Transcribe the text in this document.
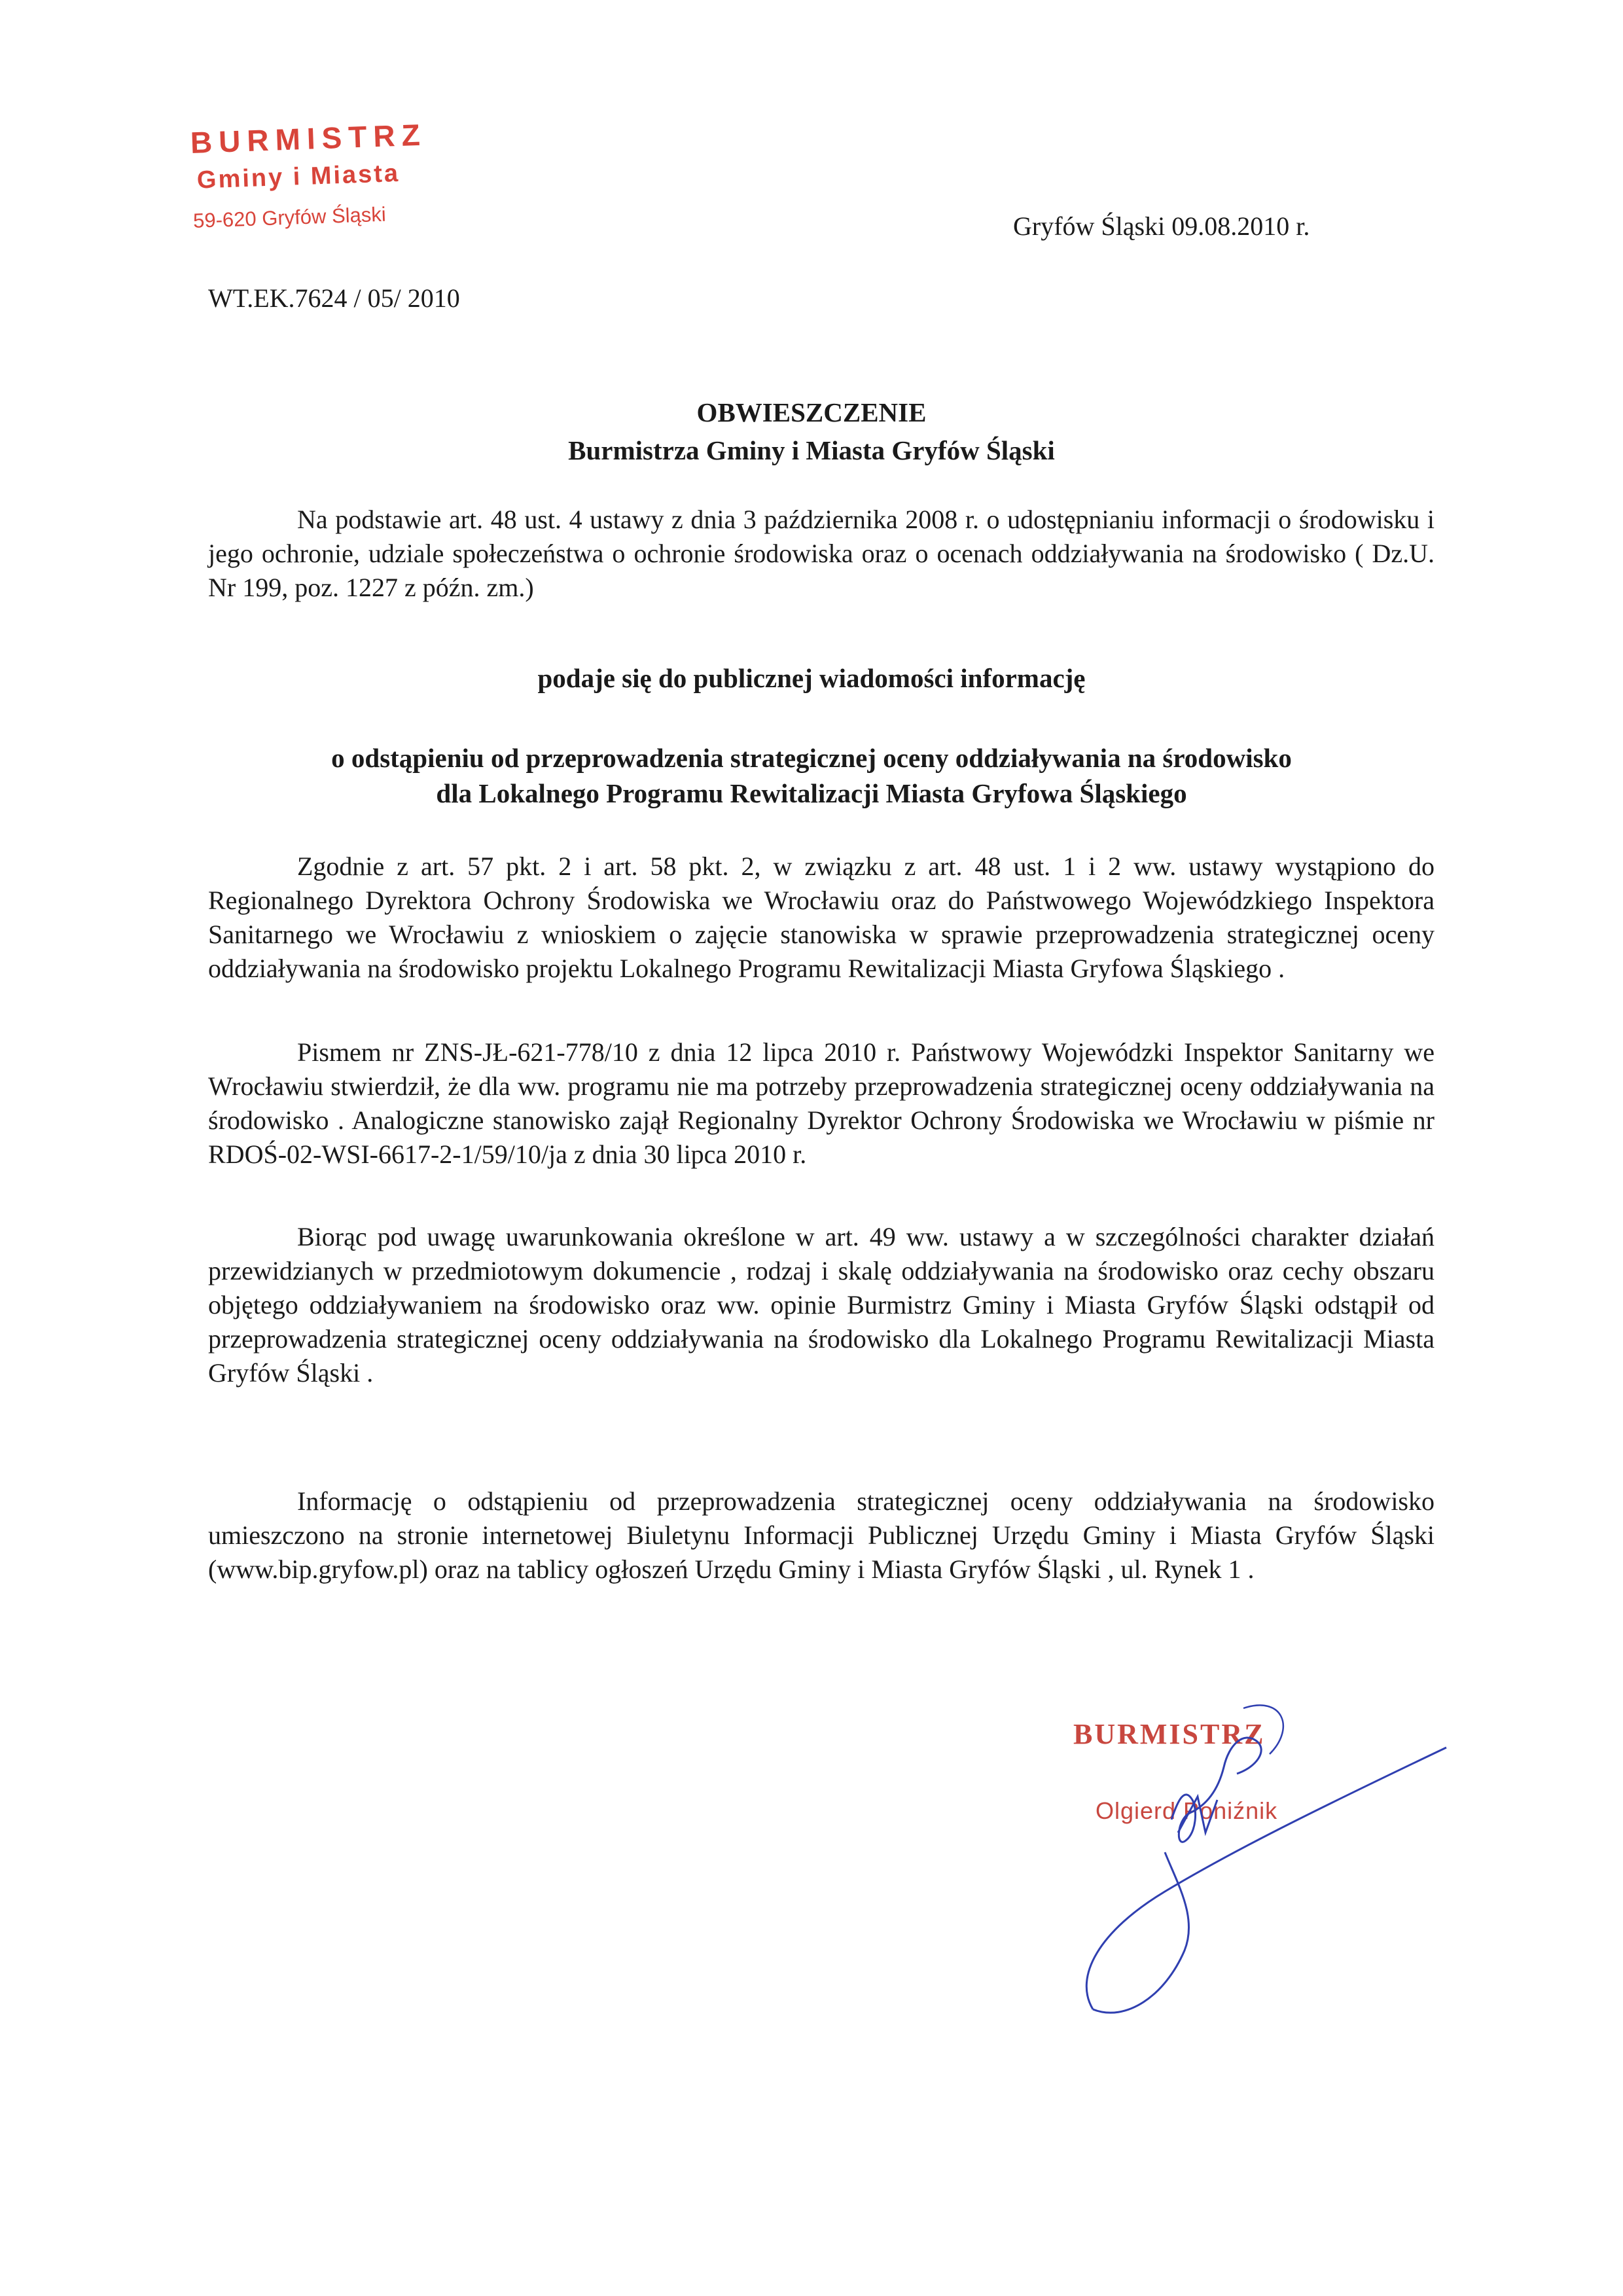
BURMISTRZ
Gminy i Miasta
59-620 Gryfów Śląski	Gryfów Śląski 09.08.2010 r.
WT.EK.7624 / 05/ 2010
OBWIESZCZENIE
Burmistrza Gminy i Miasta Gryfów Śląski

Na podstawie art. 48 ust. 4 ustawy z dnia 3 października 2008 r. o udostępnianiu informacji o środowisku i jego ochronie, udziale społeczeństwa o ochronie środowiska oraz o ocenach oddziaływania na środowisko ( Dz.U. Nr 199, poz. 1227 z późn. zm.)

podaje się do publicznej wiadomości informację
o odstąpieniu od przeprowadzenia strategicznej oceny oddziaływania na środowisko
dla Lokalnego Programu Rewitalizacji Miasta Gryfowa Śląskiego

Zgodnie z art. 57 pkt. 2 i art. 58 pkt. 2, w związku z art. 48 ust. 1 i 2 ww. ustawy wystąpiono do Regionalnego Dyrektora Ochrony Środowiska we Wrocławiu oraz do Państwowego Wojewódzkiego Inspektora Sanitarnego we Wrocławiu z wnioskiem o zajęcie stanowiska w sprawie przeprowadzenia strategicznej oceny oddziaływania na środowisko projektu Lokalnego Programu Rewitalizacji Miasta Gryfowa Śląskiego .

Pismem nr ZNS-JŁ-621-778/10 z dnia 12 lipca 2010 r. Państwowy Wojewódzki Inspektor Sanitarny we Wrocławiu stwierdził, że dla ww. programu nie ma potrzeby przeprowadzenia strategicznej oceny oddziaływania na środowisko . Analogiczne stanowisko zajął Regionalny Dyrektor Ochrony Środowiska we Wrocławiu w piśmie nr RDOŚ-02-WSI-6617-2-1/59/10/ja z dnia 30 lipca 2010 r.

Biorąc pod uwagę uwarunkowania określone w art. 49 ww. ustawy a w szczególności charakter działań przewidzianych w przedmiotowym dokumencie , rodzaj i skalę oddziaływania na środowisko oraz cechy obszaru objętego oddziaływaniem na środowisko oraz ww. opinie Burmistrz Gminy i Miasta Gryfów Śląski odstąpił od przeprowadzenia strategicznej oceny oddziaływania na środowisko dla Lokalnego Programu Rewitalizacji Miasta Gryfów Śląski .

Informację o odstąpieniu od przeprowadzenia strategicznej oceny oddziaływania na środowisko umieszczono na stronie internetowej Biuletynu Informacji Publicznej Urzędu Gminy i Miasta Gryfów Śląski (www.bip.gryfow.pl) oraz na tablicy ogłoszeń Urzędu Gminy i Miasta Gryfów Śląski , ul. Rynek 1 .

BURMISTRZ
Olgierd Poniźnik
